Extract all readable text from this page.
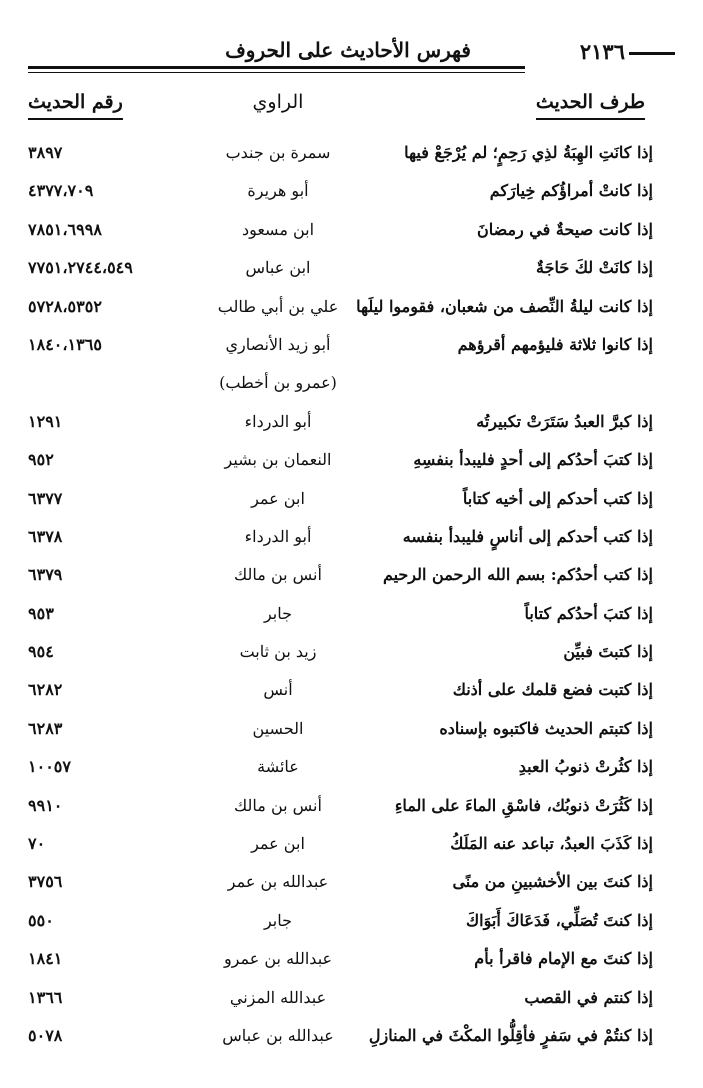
٢١٣٦
فهرس الأحاديث على الحروف
طرف الحديث
الراوي
رقم الحديث
إذا كانَتِ الهِبَةُ لذِي رَحِمٍ؛ لم يُرْجَعْ فيها
سمرة بن جندب
٣٨٩٧
إذا كانتْ أمراؤُكم خِيارَكم
أبو هريرة
٤٣٧٧،٧٠٩
إذا كانت صيحةٌ في رمضانَ
ابن مسعود
٧٨٥١،٦٩٩٨
إذا كانَتْ لكَ حَاجَةٌ
ابن عباس
٧٧٥١،٢٧٤٤،٥٤٩
إذا كانت ليلةُ النِّصف من شعبان، فقوموا ليلَها
علي بن أبي طالب
٥٧٢٨،٥٣٥٢
إذا كانوا ثلاثة فليؤمهم أقرؤهم
أبو زيد الأنصاري
١٨٤٠،١٣٦٥
(عمرو بن أخطب)
إذا كبرَّ العبدُ سَتَرَتْ تكبيرتُه
أبو الدرداء
١٢٩١
إذا كتبَ أحدُكم إلى أحدٍ فليبدأ بنفسِهِ
النعمان بن بشير
٩٥٢
إذا كتب أحدكم إلى أخيه كتاباً
ابن عمر
٦٣٧٧
إذا كتب أحدكم إلى أناسٍ فليبدأ بنفسه
أبو الدرداء
٦٣٧٨
إذا كتب أحدُكم: بسم الله الرحمن الرحيم
أنس بن مالك
٦٣٧٩
إذا كتبَ أحدُكم كتاباً
جابر
٩٥٣
إذا كتبتَ فبيِّن
زيد بن ثابت
٩٥٤
إذا كتبت فضع قلمك على أذنك
أنس
٦٢٨٢
إذا كتبتم الحديث فاكتبوه بإسناده
الحسين
٦٢٨٣
إذا كثُرتْ ذنوبُ العبدِ
عائشة
١٠٠٥٧
إذا كَثُرَتْ ذنوبُك، فاسْقِ الماءَ على الماءِ
أنس بن مالك
٩٩١٠
إذا كَذَبَ العبدُ، تباعد عنه المَلَكُ
ابن عمر
٧٠
إذا كنتَ بين الأخشبينِ من منًى
عبدالله بن عمر
٣٧٥٦
إذا كنتَ تُصَلِّي، فَدَعَاكَ أَبَوَاكَ
جابر
٥٥٠
إذا كنتَ مع الإمام فاقرأ بأم
عبدالله بن عمرو
١٨٤١
إذا كنتم في القصب
عبدالله المزني
١٣٦٦
إذا كنتُمْ في سَفرٍ فأقِلُّوا المكْثَ في المنازلِ
عبدالله بن عباس
٥٠٧٨
